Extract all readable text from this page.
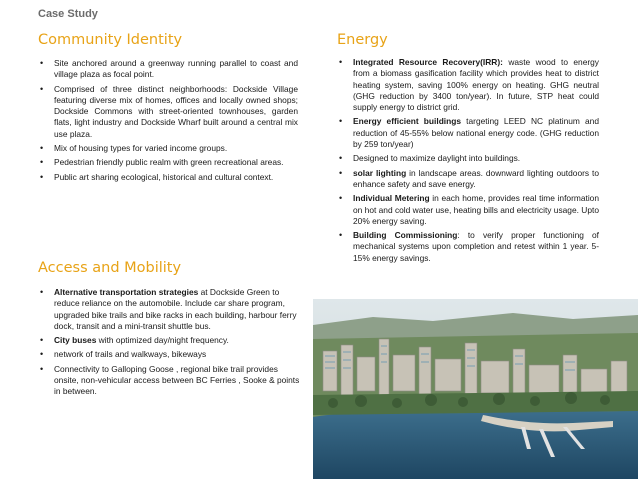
Case Study
Community Identity
• Site anchored around a greenway running parallel to coast and village plaza as focal point.
• Comprised of three distinct neighborhoods: Dockside Village featuring diverse mix of homes, offices and locally owned shops; Dockside Commons with street-oriented townhouses, garden flats, light industry and Dockside Wharf built around a central mix use plaza.
• Mix of housing types for varied income groups.
• Pedestrian friendly public realm with green recreational areas.
• Public art sharing ecological, historical and cultural context.
Access and Mobility
• Alternative transportation strategies at Dockside Green to reduce reliance on the automobile. Include car share program, upgraded bike trails and bike racks in each building, harbour ferry dock, transit and a mini-transit shuttle bus.
• City buses with optimized day/night frequency.
• network of trails and walkways, bikeways
• Connectivity to Galloping Goose , regional bike trail provides onsite, non-vehicular access between BC Ferries , Sooke & points in between.
Energy
• Integrated Resource Recovery(IRR): waste wood to energy from a biomass gasification facility which provides heat to district heating system, saving 100% energy on heating. GHG neutral (GHG reduction by 3400 ton/year). In future, STP heat could supply energy to district grid.
• Energy efficient buildings targeting LEED NC platinum and reduction of 45-55% below national energy code. (GHG reduction by 259 ton/year)
• Designed to maximize daylight into buildings.
• solar lighting in landscape areas. downward lighting outdoors to enhance safety and save energy.
• Individual Metering in each home, provides real time information on hot and cold water use, heating bills and electricity usage. Upto 20% energy saving.
• Building Commissioning: to verify proper functioning of mechanical systems upon completion and retest within 1 year. 5-15% energy savings.
